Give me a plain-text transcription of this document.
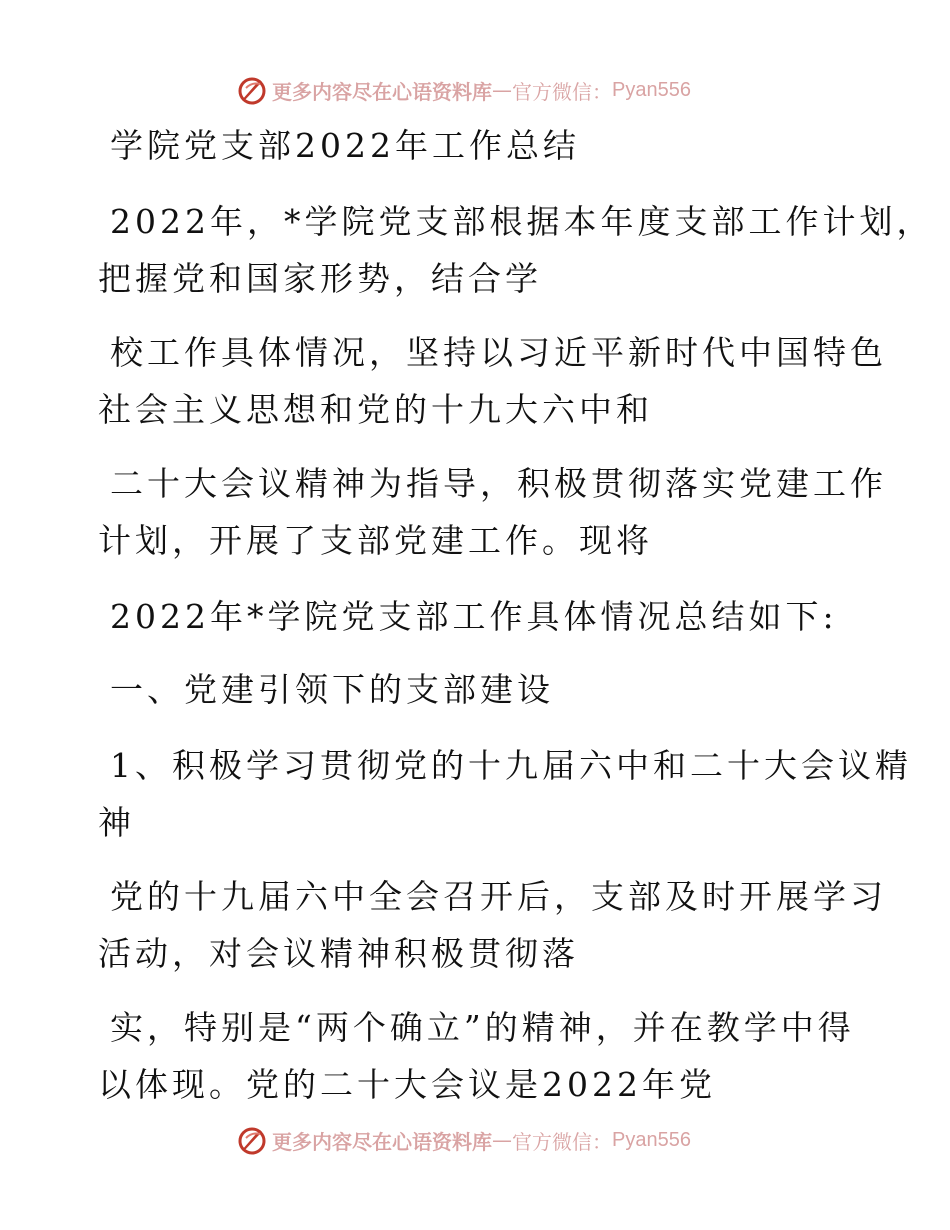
更多内容尽在心语资料库 — 官方微信： Pyan556
学院党支部2022年工作总结
2022年，*学院党支部根据本年度支部工作计划，
把握党和国家形势，结合学
校工作具体情况，坚持以习近平新时代中国特色
社会主义思想和党的十九大六中和
二十大会议精神为指导，积极贯彻落实党建工作
计划，开展了支部党建工作。现将
2022年*学院党支部工作具体情况总结如下:
一、党建引领下的支部建设
1、积极学习贯彻党的十九届六中和二十大会议精
神
党的十九届六中全会召开后，支部及时开展学习
活动，对会议精神积极贯彻落
实，特别是“两个确立”的精神，并在教学中得
以体现。党的二十大会议是2022年党
更多内容尽在心语资料库 — 官方微信： Pyan556
